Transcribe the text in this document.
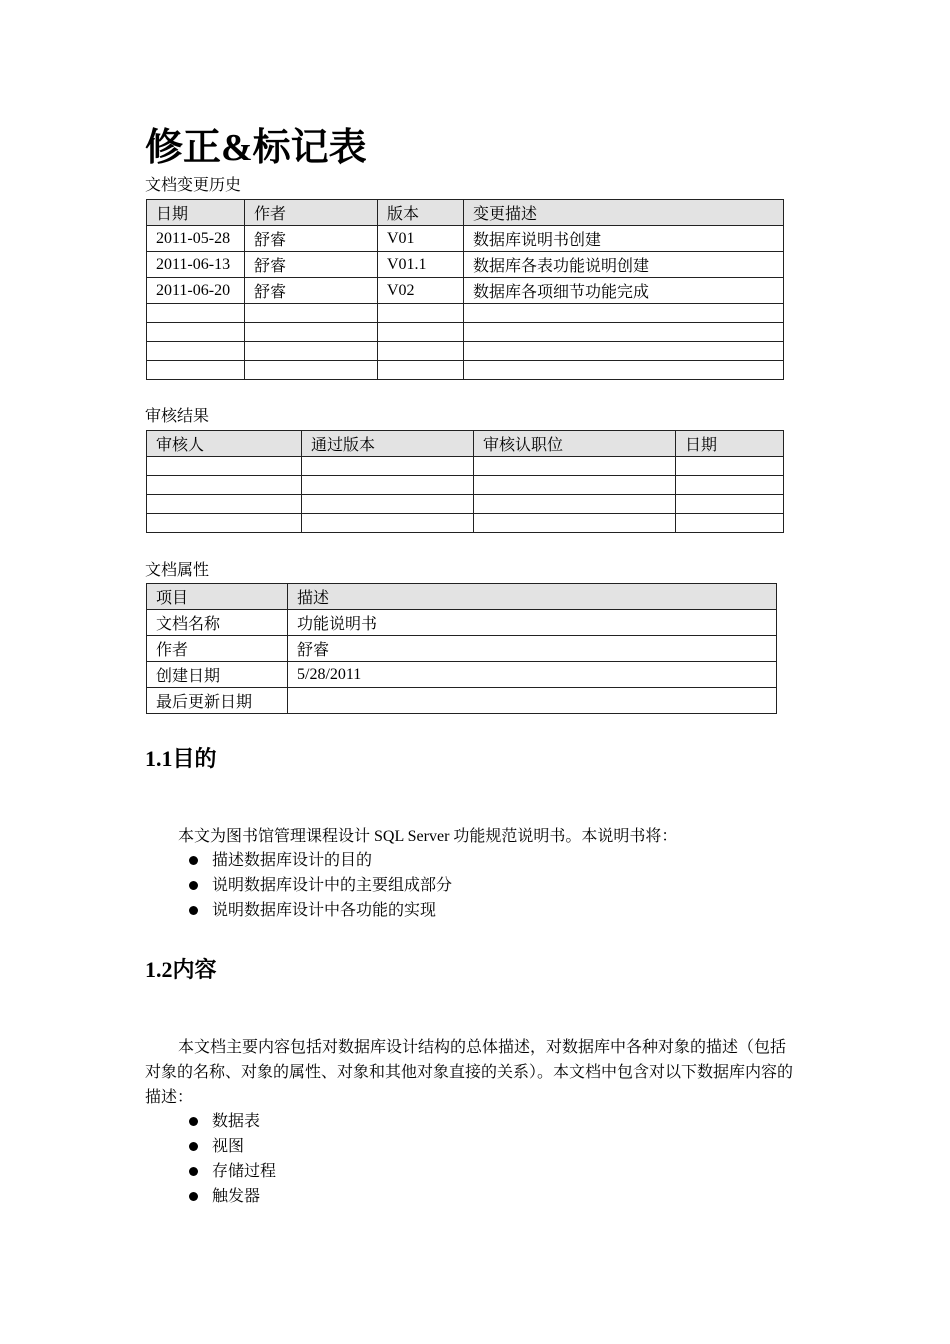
修正&标记表
文档变更历史
日期	作者	版本	变更描述
2011-05-28	舒睿	V01	数据库说明书创建
2011-06-13	舒睿	V01.1	数据库各表功能说明创建
2011-06-20	舒睿	V02	数据库各项细节功能完成

审核结果
审核人	通过版本	审核认职位	日期

文档属性
项目	描述
文档名称	功能说明书
作者	舒睿
创建日期	5/28/2011
最后更新日期	
1.1目的
本文为图书馆管理课程设计 SQL Server 功能规范说明书。本说明书将：
描述数据库设计的目的
说明数据库设计中的主要组成部分
说明数据库设计中各功能的实现
1.2内容
本文档主要内容包括对数据库设计结构的总体描述，对数据库中各种对象的描述（包括
对象的名称、对象的属性、对象和其他对象直接的关系）。本文档中包含对以下数据库内容的
描述：
数据表
视图
存储过程
触发器
